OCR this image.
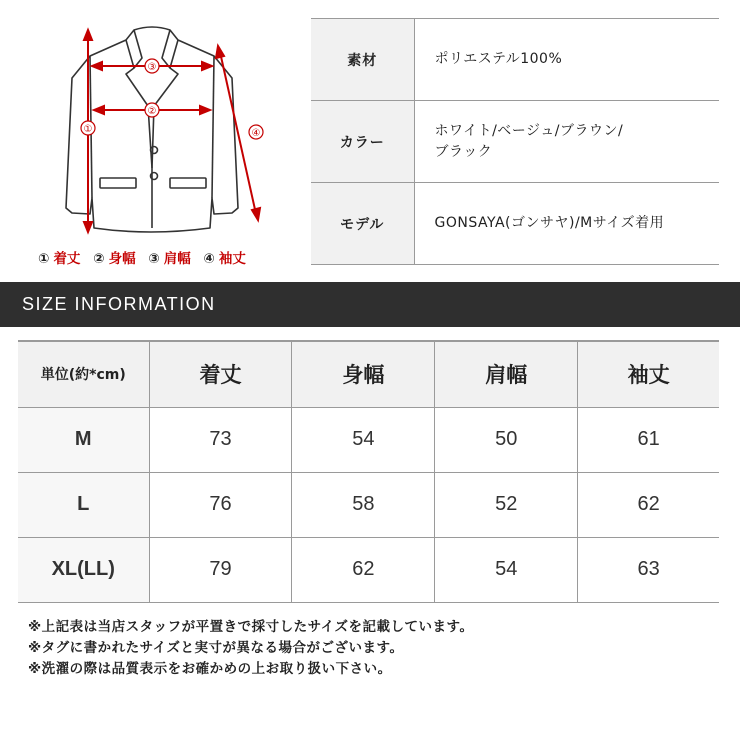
①
③
②
④
① 着丈 ② 身幅 ③ 肩幅 ④ 袖丈
素材	ポリエステル100%
カラー	ホワイト/ベージュ/ブラウン/
ブラック

モデル	GONSAYA(ゴンサヤ)/Mサイズ着用
SIZE INFORMATION
単位(約*cm)	着丈	身幅	肩幅	袖丈
M	73	54	50	61
L	76	58	52	62
XL(LL)	79	62	54	63
※上記表は当店スタッフが平置きで採寸したサイズを記載しています。
※タグに書かれたサイズと実寸が異なる場合がございます。
※洗濯の際は品質表示をお確かめの上お取り扱い下さい。
